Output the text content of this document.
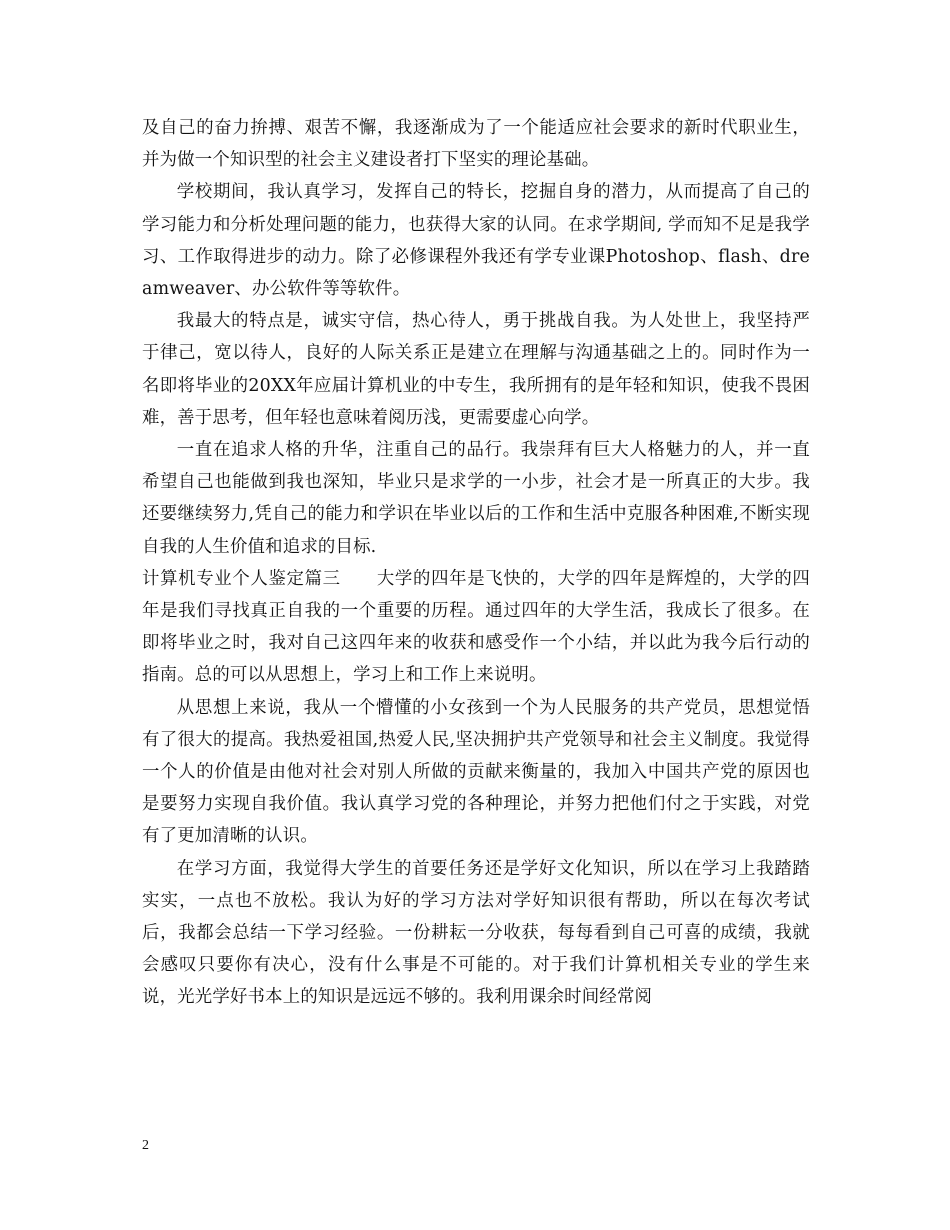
及自己的奋力拚搏、艰苦不懈，我逐渐成为了一个能适应社会要求的新时代职业生，并为做一个知识型的社会主义建设者打下坚实的理论基础。

学校期间，我认真学习，发挥自己的特长，挖掘自身的潜力，从而提高了自己的学习能力和分析处理问题的能力，也获得大家的认同。在求学期间, 学而知不足是我学习、工作取得进步的动力。除了必修课程外我还有学专业课Photoshop、flash、dreamweaver、办公软件等等软件。

我最大的特点是，诚实守信，热心待人，勇于挑战自我。为人处世上，我坚持严于律己，宽以待人，良好的人际关系正是建立在理解与沟通基础之上的。同时作为一名即将毕业的20XX年应届计算机业的中专生，我所拥有的是年轻和知识，使我不畏困难，善于思考，但年轻也意味着阅历浅，更需要虚心向学。

一直在追求人格的升华，注重自己的品行。我崇拜有巨大人格魅力的人，并一直希望自己也能做到我也深知，毕业只是求学的一小步，社会才是一所真正的大步。我还要继续努力,凭自己的能力和学识在毕业以后的工作和生活中克服各种困难,不断实现自我的人生价值和追求的目标.

计算机专业个人鉴定篇三　　大学的四年是飞快的，大学的四年是辉煌的，大学的四年是我们寻找真正自我的一个重要的历程。通过四年的大学生活，我成长了很多。在即将毕业之时，我对自己这四年来的收获和感受作一个小结，并以此为我今后行动的指南。总的可以从思想上，学习上和工作上来说明。

从思想上来说，我从一个懵懂的小女孩到一个为人民服务的共产党员，思想觉悟有了很大的提高。我热爱祖国,热爱人民,坚决拥护共产党领导和社会主义制度。我觉得一个人的价值是由他对社会对别人所做的贡献来衡量的，我加入中国共产党的原因也是要努力实现自我价值。我认真学习党的各种理论，并努力把他们付之于实践，对党有了更加清晰的认识。

在学习方面，我觉得大学生的首要任务还是学好文化知识，所以在学习上我踏踏实实，一点也不放松。我认为好的学习方法对学好知识很有帮助，所以在每次考试后，我都会总结一下学习经验。一份耕耘一分收获，每每看到自己可喜的成绩，我就会感叹只要你有决心，没有什么事是不可能的。对于我们计算机相关专业的学生来说，光光学好书本上的知识是远远不够的。我利用课余时间经常阅

2
